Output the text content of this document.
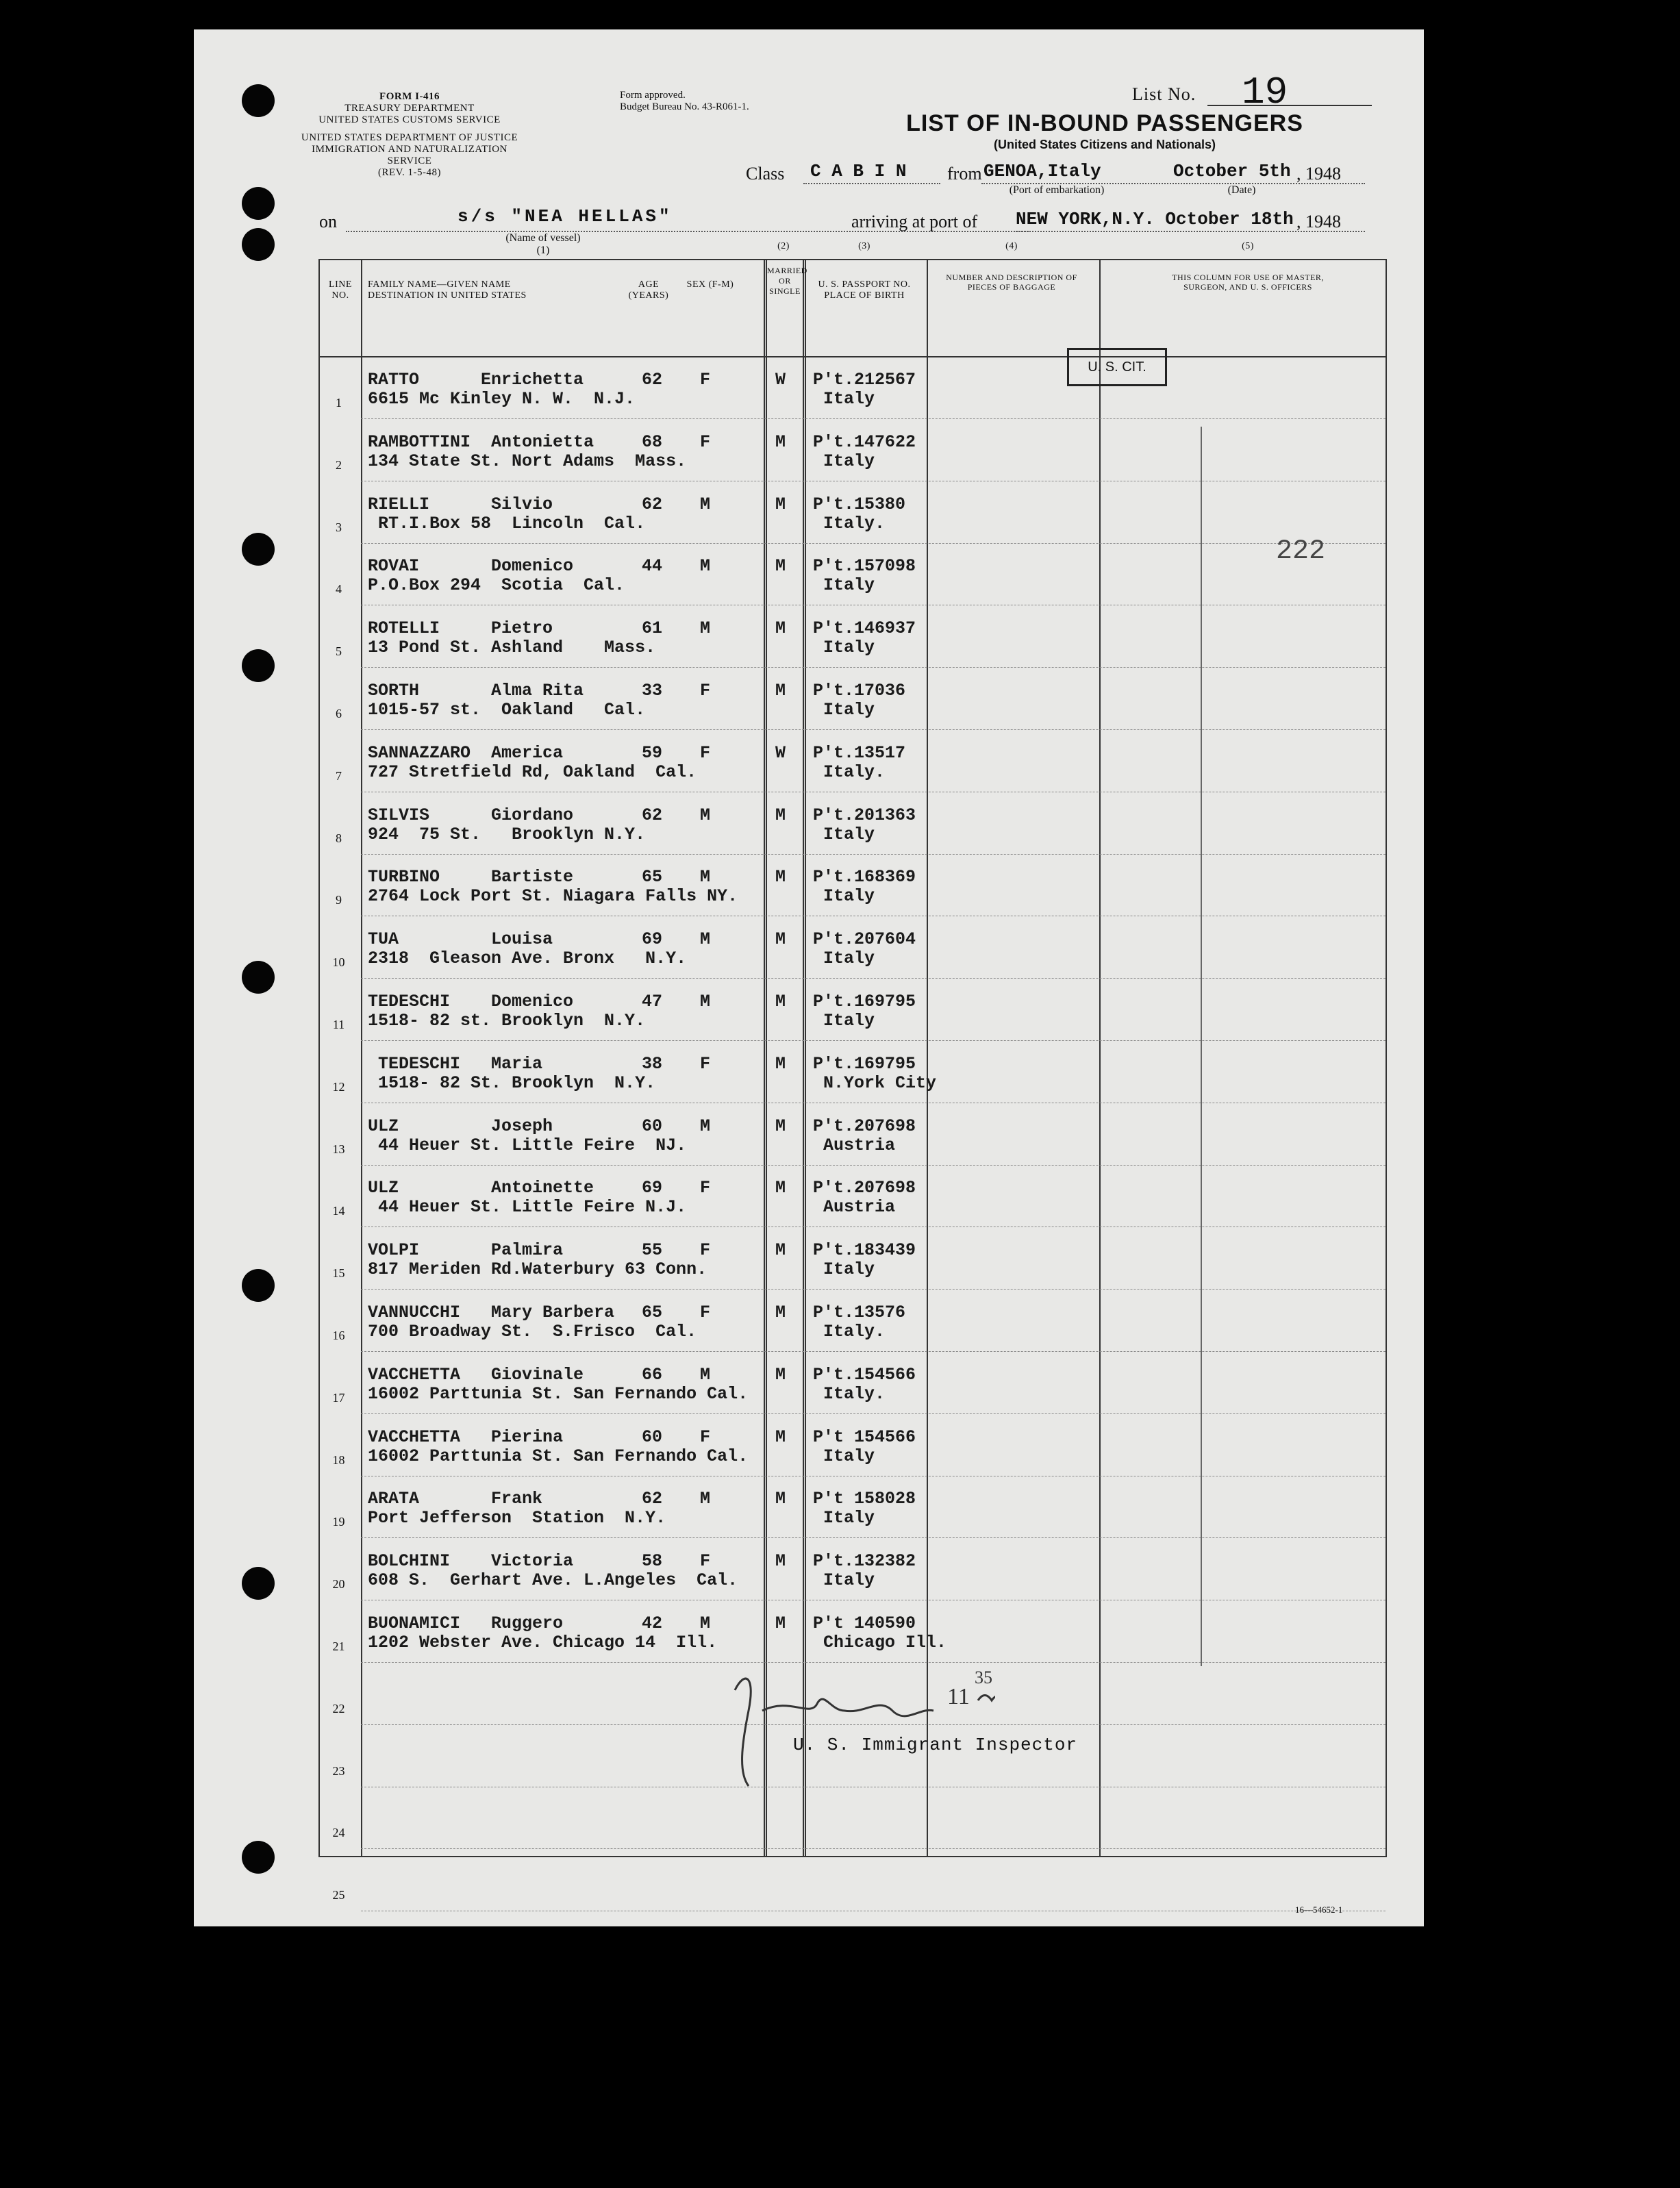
FORM I-416
TREASURY DEPARTMENT
UNITED STATES CUSTOMS SERVICE
UNITED STATES DEPARTMENT OF JUSTICE
IMMIGRATION AND NATURALIZATION SERVICE
(REV. 1-5-48)
Form approved.
Budget Bureau No. 43-R061-1.
List No. 19
LIST OF IN-BOUND PASSENGERS
(United States Citizens and Nationals)
Class C A B I N from GENOA,Italy
(Port of embarkation)
October 5th
(Date)
, 1948
on	s/s "NEA HELLAS"
(Name of vessel)
(1)
arriving at port of NEW YORK,N.Y. October 18th , 1948
LINE NO.
FAMILY NAME—GIVEN NAME
DESTINATION IN UNITED STATES
AGE (YEARS)
SEX (F-M)
(2)
MARRIED OR SINGLE
(3)
U. S. PASSPORT NO. PLACE OF BIRTH
(4)
NUMBER AND DESCRIPTION OF PIECES OF BAGGAGE
(5)
THIS COLUMN FOR USE OF MASTER, SURGEON, AND U. S. OFFICERS
1
RATTO      Enrichetta
6615 Mc Kinley N. W.  N.J.
62 F	W P't.212567
Italy
2
RAMBOTTINI  Antonietta
134 State St. Nort Adams  Mass.
68 F	M P't.147622
Italy
3
RIELLI      Silvio
RT.I.Box 58  Lincoln  Cal.
62 M	M P't.15380
Italy.
4
ROVAI       Domenico
P.O.Box 294  Scotia  Cal.
44 M	M P't.157098
Italy
5
ROTELLI     Pietro
13 Pond St. Ashland    Mass.
61 M	M P't.146937
Italy
6
SORTH       Alma Rita
1015-57 st.  Oakland   Cal.
33 F	M P't.17036
Italy
7
SANNAZZARO  America
727 Stretfield Rd, Oakland  Cal.
59 F	W P't.13517
Italy.
8
SILVIS      Giordano
924  75 St.   Brooklyn N.Y.
62 M	M P't.201363
Italy
9
TURBINO     Bartiste
2764 Lock Port St. Niagara Falls NY.
65 M	M P't.168369
Italy
10
TUA         Louisa
2318  Gleason Ave. Bronx   N.Y.
69 M	M P't.207604
Italy
11
TEDESCHI    Domenico
1518- 82 st. Brooklyn  N.Y.
47 M	M P't.169795
Italy
12
TEDESCHI   Maria
1518- 82 St. Brooklyn  N.Y.
38 F	M P't.169795
N.York City
13
ULZ         Joseph
44 Heuer St. Little Feire  NJ.
60 M	M P't.207698
Austria
14
ULZ         Antoinette
44 Heuer St. Little Feire N.J.
69 F	M P't.207698
Austria
15
VOLPI       Palmira
817 Meriden Rd.Waterbury 63 Conn.
55 F	M P't.183439
Italy
16
VANNUCCHI   Mary Barbera
700 Broadway St.  S.Frisco  Cal.
65 F	M P't.13576
Italy.
17
VACCHETTA   Giovinale
16002 Parttunia St. San Fernando Cal.
66 M	M P't.154566
Italy.
18
VACCHETTA   Pierina
16002 Parttunia St. San Fernando Cal.
60 F	M P't 154566
Italy
19
ARATA       Frank
Port Jefferson  Station  N.Y.
62 M	M P't 158028
Italy
20
BOLCHINI    Victoria
608 S.  Gerhart Ave. L.Angeles  Cal.
58 F	M P't.132382
Italy
21
BUONAMICI   Ruggero
1202 Webster Ave. Chicago 14  Ill.
42 M	M P't 140590
Chicago Ill.
22
23
24
25
U. S. CIT.
222
11
35
U. S. Immigrant Inspector
16—54652-1
